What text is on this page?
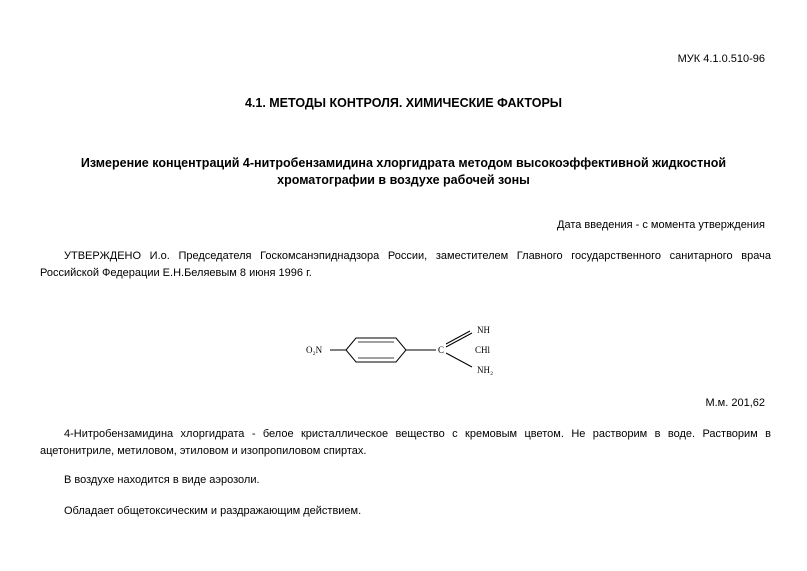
МУК 4.1.0.510-96
4.1. МЕТОДЫ КОНТРОЛЯ. ХИМИЧЕСКИЕ ФАКТОРЫ
Измерение концентраций 4-нитробензамидина хлоргидрата методом высокоэффективной жидкостной
хроматографии в воздухе рабочей зоны
Дата введения - с момента утверждения
УТВЕРЖДЕНО И.о. Председателя Госкомсанэпиднадзора России, заместителем Главного государственного санитарного врача Российской Федерации Е.Н.Беляевым 8 июня 1996 г.
O₂N	C
NH
CHl
NH₂
М.м. 201,62
4-Нитробензамидина хлоргидрата - белое кристаллическое вещество с кремовым цветом. Не растворим в воде. Растворим в ацетонитриле, метиловом, этиловом и изопропиловом спиртах.
В воздухе находится в виде аэрозоли.
Обладает общетоксическим и раздражающим действием.
